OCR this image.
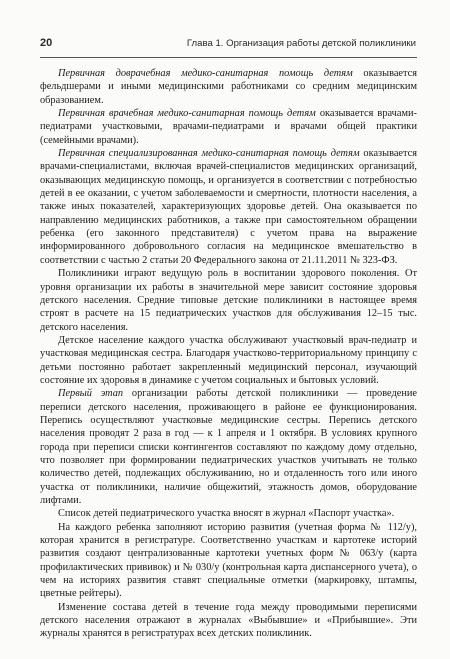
20	Глава 1. Организация работы детской поликлиники

Первичная доврачебная медико-санитарная помощь детям оказывается фельдшерами и иными медицинскими работниками со средним медицинским образованием.

Первичная врачебная медико-санитарная помощь детям оказывается врачами-педиатрами участковыми, врачами-педиатрами и врачами общей практики (семейными врачами).

Первичная специализированная медико-санитарная помощь детям оказывается врачами-специалистами, включая врачей-специалистов медицинских организаций, оказывающих медицинскую помощь, и организуется в соответствии с потребностью детей в ее оказании, с учетом заболеваемости и смертности, плотности населения, а также иных показателей, характеризующих здоровье детей. Она оказывается по направлению медицинских работников, а также при самостоятельном обращении ребенка (его законного представителя) с учетом права на выражение информированного добровольного согласия на медицинское вмешательство в соответствии с частью 2 статьи 20 Федерального закона от 21.11.2011 № 323-ФЗ.

Поликлиники играют ведущую роль в воспитании здорового поколения. От уровня организации их работы в значительной мере зависит состояние здоровья детского населения. Средние типовые детские поликлиники в настоящее время строят в расчете на 15 педиатрических участков для обслуживания 12–15 тыс. детского населения.

Детское население каждого участка обслуживают участковый врач-педиатр и участковая медицинская сестра. Благодаря участково-территориальному принципу с детьми постоянно работает закрепленный медицинский персонал, изучающий состояние их здоровья в динамике с учетом социальных и бытовых условий.

Первый этап организации работы детской поликлиники — проведение переписи детского населения, проживающего в районе ее функционирования. Перепись осуществляют участковые медицинские сестры. Перепись детского населения проводят 2 раза в год — к 1 апреля и 1 октября. В условиях крупного города при переписи списки контингентов составляют по каждому дому отдельно, что позволяет при формировании педиатрических участков учитывать не только количество детей, подлежащих обслуживанию, но и отдаленность того или иного участка от поликлиники, наличие общежитий, этажность домов, оборудование лифтами.

Список детей педиатрического участка вносят в журнал «Паспорт участка».

На каждого ребенка заполняют историю развития (учетная форма № 112/у), которая хранится в регистратуре. Соответственно участкам и картотеке историй развития создают централизованные картотеки учетных форм № 063/у (карта профилактических прививок) и № 030/у (контрольная карта диспансерного учета), о чем на историях развития ставят специальные отметки (маркировку, штампы, цветные рейтеры).

Изменение состава детей в течение года между проводимыми переписями детского населения отражают в журналах «Выбывшие» и «Прибывшие». Эти журналы хранятся в регистратурах всех детских поликлиник.
